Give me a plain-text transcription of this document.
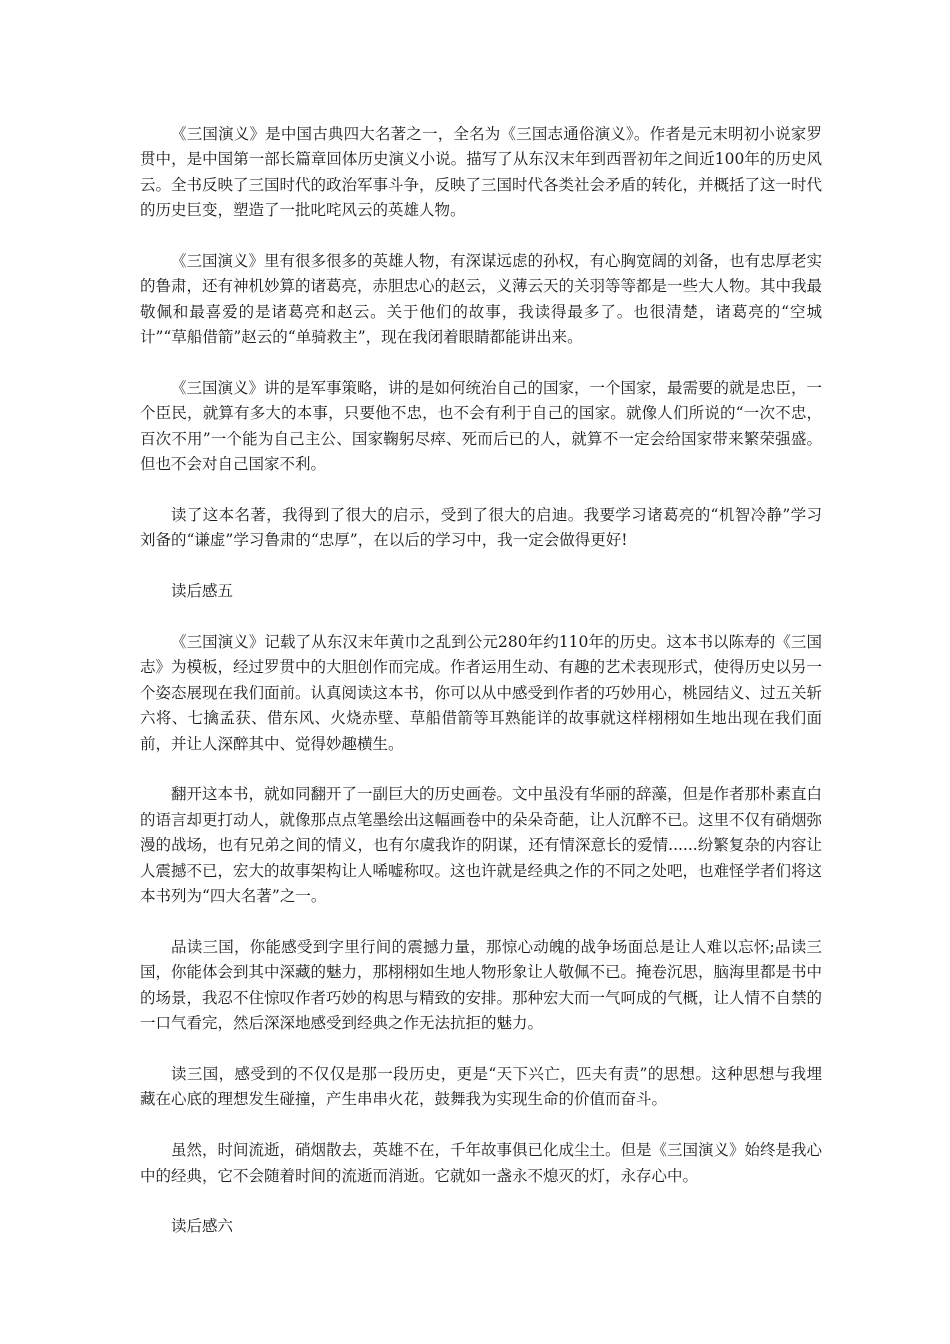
《三国演义》是中国古典四大名著之一，全名为《三国志通俗演义》。作者是元末明初小说家罗贯中，是中国第一部长篇章回体历史演义小说。描写了从东汉末年到西晋初年之间近100年的历史风云。全书反映了三国时代的政治军事斗争，反映了三国时代各类社会矛盾的转化，并概括了这一时代的历史巨变，塑造了一批叱咤风云的英雄人物。

《三国演义》里有很多很多的英雄人物，有深谋远虑的孙权，有心胸宽阔的刘备，也有忠厚老实的鲁肃，还有神机妙算的诸葛亮，赤胆忠心的赵云，义薄云天的关羽等等都是一些大人物。其中我最敬佩和最喜爱的是诸葛亮和赵云。关于他们的故事，我读得最多了。也很清楚，诸葛亮的“空城计”“草船借箭”赵云的“单骑救主”，现在我闭着眼睛都能讲出来。

《三国演义》讲的是军事策略，讲的是如何统治自己的国家，一个国家，最需要的就是忠臣，一个臣民，就算有多大的本事，只要他不忠，也不会有利于自己的国家。就像人们所说的“一次不忠，百次不用”一个能为自己主公、国家鞠躬尽瘁、死而后已的人，就算不一定会给国家带来繁荣强盛。但也不会对自己国家不利。

读了这本名著，我得到了很大的启示，受到了很大的启迪。我要学习诸葛亮的“机智冷静”学习刘备的“谦虚”学习鲁肃的“忠厚”，在以后的学习中，我一定会做得更好!

读后感五

《三国演义》记载了从东汉末年黄巾之乱到公元280年约110年的历史。这本书以陈寿的《三国志》为模板，经过罗贯中的大胆创作而完成。作者运用生动、有趣的艺术表现形式，使得历史以另一个姿态展现在我们面前。认真阅读这本书，你可以从中感受到作者的巧妙用心，桃园结义、过五关斩六将、七擒孟获、借东风、火烧赤壁、草船借箭等耳熟能详的故事就这样栩栩如生地出现在我们面前，并让人深醉其中、觉得妙趣横生。

翻开这本书，就如同翻开了一副巨大的历史画卷。文中虽没有华丽的辞藻，但是作者那朴素直白的语言却更打动人，就像那点点笔墨绘出这幅画卷中的朵朵奇葩，让人沉醉不已。这里不仅有硝烟弥漫的战场，也有兄弟之间的情义，也有尔虞我诈的阴谋，还有情深意长的爱情......纷繁复杂的内容让人震撼不已，宏大的故事架构让人唏嘘称叹。这也许就是经典之作的不同之处吧，也难怪学者们将这本书列为“四大名著”之一。

品读三国，你能感受到字里行间的震撼力量，那惊心动魄的战争场面总是让人难以忘怀;品读三国，你能体会到其中深藏的魅力，那栩栩如生地人物形象让人敬佩不已。掩卷沉思，脑海里都是书中的场景，我忍不住惊叹作者巧妙的构思与精致的安排。那种宏大而一气呵成的气概，让人情不自禁的一口气看完，然后深深地感受到经典之作无法抗拒的魅力。

读三国，感受到的不仅仅是那一段历史，更是“天下兴亡，匹夫有责”的思想。这种思想与我埋藏在心底的理想发生碰撞，产生串串火花，鼓舞我为实现生命的价值而奋斗。

虽然，时间流逝，硝烟散去，英雄不在，千年故事俱已化成尘土。但是《三国演义》始终是我心中的经典，它不会随着时间的流逝而消逝。它就如一盏永不熄灭的灯，永存心中。

读后感六
